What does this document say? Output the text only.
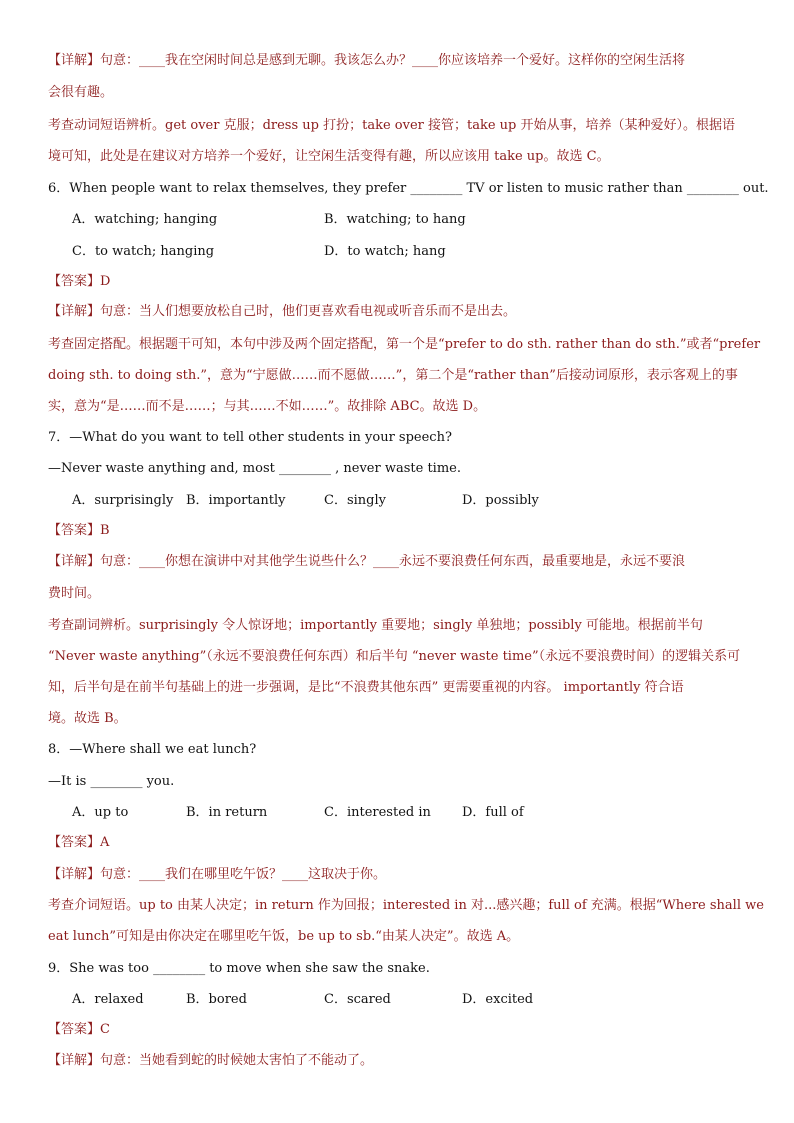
【详解】句意：____我在空闲时间总是感到无聊。我该怎么办？____你应该培养一个爱好。这样你的空闲生活将
会很有趣。
考查动词短语辨析。get over 克服；dress up 打扮；take over 接管；take up 开始从事，培养（某种爱好）。根据语
境可知，此处是在建议对方培养一个爱好，让空闲生活变得有趣，所以应该用 take up。故选 C。
6．When people want to relax themselves, they prefer ________ TV or listen to music rather than ________ out.
A．watching; hanging	B．watching; to hang
C．to watch; hanging	D．to watch; hang
【答案】D
【详解】句意：当人们想要放松自己时，他们更喜欢看电视或听音乐而不是出去。
考查固定搭配。根据题干可知，本句中涉及两个固定搭配，第一个是“prefer to do sth. rather than do sth.”或者“prefer
doing sth. to doing sth.”，意为“宁愿做……而不愿做……”，第二个是“rather than”后接动词原形，表示客观上的事
实，意为“是……而不是……；与其……不如……”。故排除 ABC。故选 D。
7．—What do you want to tell other students in your speech?
—Never waste anything and, most ________ , never waste time.
A．surprisingly B．importantly	C．singly	D．possibly
【答案】B
【详解】句意：____你想在演讲中对其他学生说些什么？____永远不要浪费任何东西，最重要地是，永远不要浪
费时间。
考查副词辨析。surprisingly 令人惊讶地；importantly 重要地；singly 单独地；possibly 可能地。根据前半句
“Never waste anything”（永远不要浪费任何东西）和后半句 “never waste time”（永远不要浪费时间）的逻辑关系可
知，后半句是在前半句基础上的进一步强调，是比“不浪费其他东西” 更需要重视的内容。 importantly 符合语
境。故选 B。
8．—Where shall we eat lunch?
—It is ________ you.
A．up to	B．in return	C．interested in D．full of
【答案】A
【详解】句意：____我们在哪里吃午饭？____这取决于你。
考查介词短语。up to 由某人决定；in return 作为回报；interested in 对...感兴趣；full of 充满。根据“Where shall we
eat lunch”可知是由你决定在哪里吃午饭，be up to sb.“由某人决定”。故选 A。
9．She was too ________ to move when she saw the snake.
A．relaxed	B．bored	C．scared	D．excited
【答案】C
【详解】句意：当她看到蛇的时候她太害怕了不能动了。
